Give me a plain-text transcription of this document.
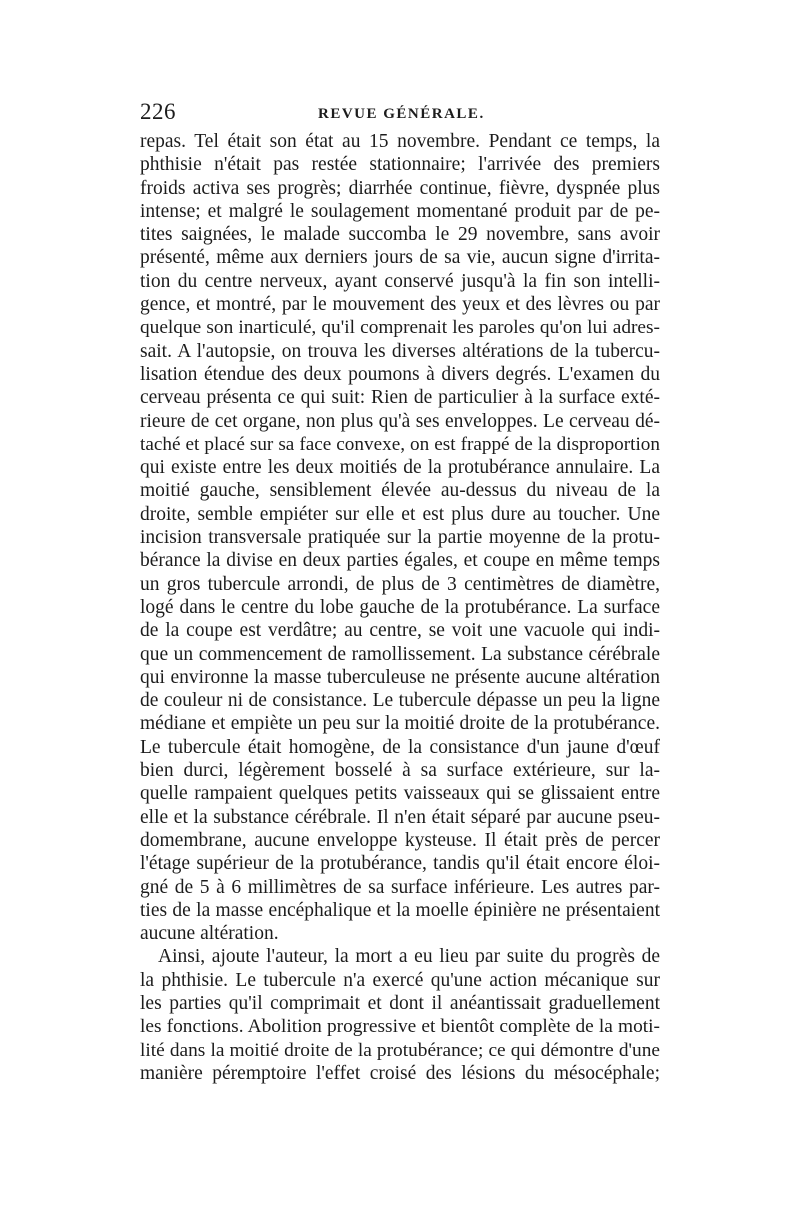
226	REVUE GÉNÉRALE.
repas. Tel était son état au 15 novembre. Pendant ce temps, la
phthisie n'était pas restée stationnaire; l'arrivée des premiers
froids activa ses progrès; diarrhée continue, fièvre, dyspnée plus
intense; et malgré le soulagement momentané produit par de pe-
tites saignées, le malade succomba le 29 novembre, sans avoir
présenté, même aux derniers jours de sa vie, aucun signe d'irrita-
tion du centre nerveux, ayant conservé jusqu'à la fin son intelli-
gence, et montré, par le mouvement des yeux et des lèvres ou par
quelque son inarticulé, qu'il comprenait les paroles qu'on lui adres-
sait. A l'autopsie, on trouva les diverses altérations de la tubercu-
lisation étendue des deux poumons à divers degrés. L'examen du
cerveau présenta ce qui suit: Rien de particulier à la surface exté-
rieure de cet organe, non plus qu'à ses enveloppes. Le cerveau dé-
taché et placé sur sa face convexe, on est frappé de la disproportion
qui existe entre les deux moitiés de la protubérance annulaire. La
moitié gauche, sensiblement élevée au-dessus du niveau de la
droite, semble empiéter sur elle et est plus dure au toucher. Une
incision transversale pratiquée sur la partie moyenne de la protu-
bérance la divise en deux parties égales, et coupe en même temps
un gros tubercule arrondi, de plus de 3 centimètres de diamètre,
logé dans le centre du lobe gauche de la protubérance. La surface
de la coupe est verdâtre; au centre, se voit une vacuole qui indi-
que un commencement de ramollissement. La substance cérébrale
qui environne la masse tuberculeuse ne présente aucune altération
de couleur ni de consistance. Le tubercule dépasse un peu la ligne
médiane et empiète un peu sur la moitié droite de la protubérance.
Le tubercule était homogène, de la consistance d'un jaune d'œuf
bien durci, légèrement bosselé à sa surface extérieure, sur la-
quelle rampaient quelques petits vaisseaux qui se glissaient entre
elle et la substance cérébrale. Il n'en était séparé par aucune pseu-
domembrane, aucune enveloppe kysteuse. Il était près de percer
l'étage supérieur de la protubérance, tandis qu'il était encore éloi-
gné de 5 à 6 millimètres de sa surface inférieure. Les autres par-
ties de la masse encéphalique et la moelle épinière ne présentaient
aucune altération.
Ainsi, ajoute l'auteur, la mort a eu lieu par suite du progrès de
la phthisie. Le tubercule n'a exercé qu'une action mécanique sur
les parties qu'il comprimait et dont il anéantissait graduellement
les fonctions. Abolition progressive et bientôt complète de la moti-
lité dans la moitié droite de la protubérance; ce qui démontre d'une
manière péremptoire l'effet croisé des lésions du mésocéphale;
